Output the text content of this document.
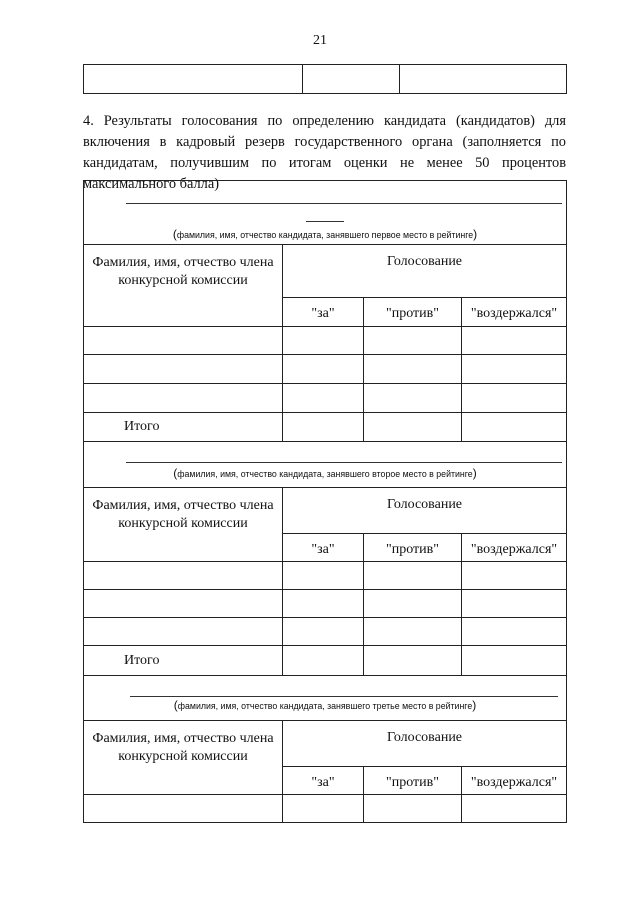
21

4. Результаты голосования по определению кандидата (кандидатов) для включения в кадровый резерв государственного органа (заполняется по кандидатам, получившим по итогам оценки не менее 50 процентов максимального балла)
(фамилия, имя, отчество кандидата, занявшего первое место в рейтинге)			

Фамилия, имя, отчество члена конкурсной комиссии	Голосование		
	"за"	"против"	"воздержался"

Итого			

(фамилия, имя, отчество кандидата, занявшего второе место в рейтинге)			

Фамилия, имя, отчество члена конкурсной комиссии	Голосование		
	"за"	"против"	"воздержался"

Итого			

(фамилия, имя, отчество кандидата, занявшего третье место в рейтинге)			

Фамилия, имя, отчество члена конкурсной комиссии	Голосование		
	"за"	"против"	"воздержался"
